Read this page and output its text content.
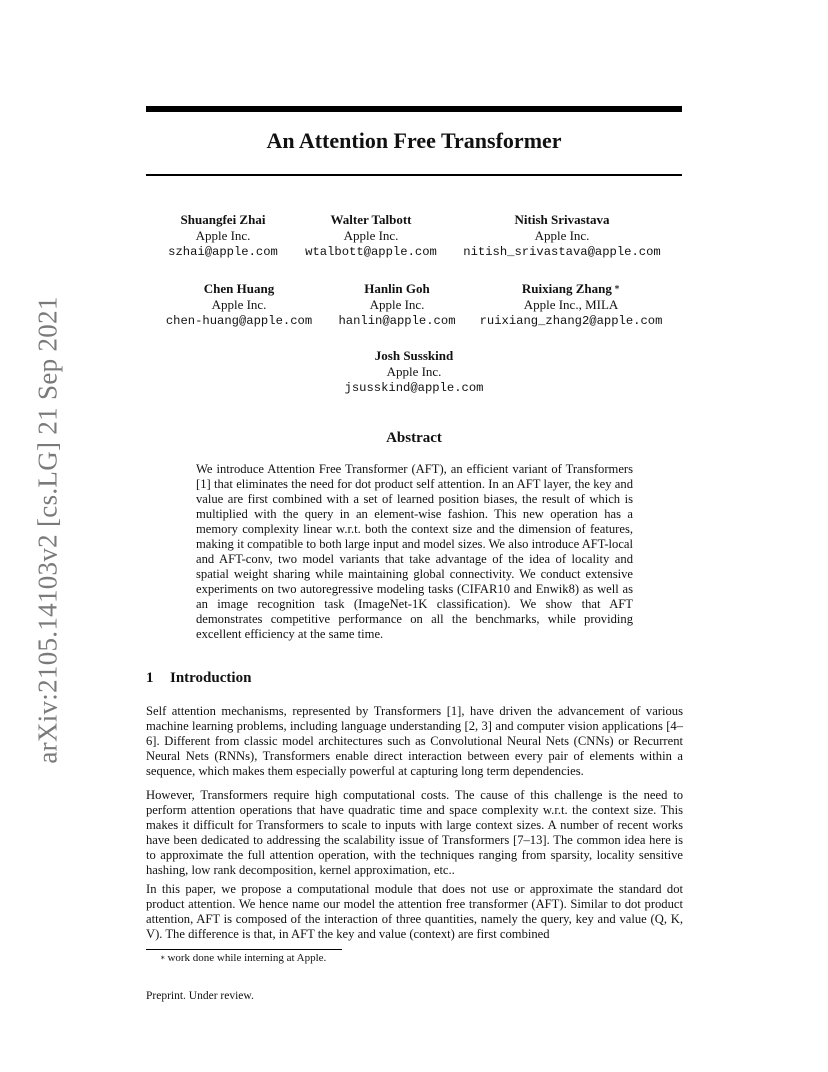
arXiv:2105.14103v2 [cs.LG] 21 Sep 2021
An Attention Free Transformer
Shuangfei Zhai
Apple Inc.
szhai@apple.com
Walter Talbott
Apple Inc.
wtalbott@apple.com
Nitish Srivastava
Apple Inc.
nitish_srivastava@apple.com
Chen Huang
Apple Inc.
chen-huang@apple.com
Hanlin Goh
Apple Inc.
hanlin@apple.com
Ruixiang Zhang ∗
Apple Inc., MILA
ruixiang_zhang2@apple.com
Josh Susskind
Apple Inc.
jsusskind@apple.com
Abstract

We introduce Attention Free Transformer (AFT), an efficient variant of Transformers [1] that eliminates the need for dot product self attention. In an AFT layer, the key and value are first combined with a set of learned position biases, the result of which is multiplied with the query in an element-wise fashion. This new operation has a memory complexity linear w.r.t. both the context size and the dimension of features, making it compatible to both large input and model sizes. We also introduce AFT-local and AFT-conv, two model variants that take advantage of the idea of locality and spatial weight sharing while maintaining global connectivity. We conduct extensive experiments on two autoregressive modeling tasks (CIFAR10 and Enwik8) as well as an image recognition task (ImageNet-1K classification). We show that AFT demonstrates competitive performance on all the benchmarks, while providing excellent efficiency at the same time.

1 Introduction

Self attention mechanisms, represented by Transformers [1], have driven the advancement of various machine learning problems, including language understanding [2, 3] and computer vision applications [4–6]. Different from classic model architectures such as Convolutional Neural Nets (CNNs) or Recurrent Neural Nets (RNNs), Transformers enable direct interaction between every pair of elements within a sequence, which makes them especially powerful at capturing long term dependencies.

However, Transformers require high computational costs. The cause of this challenge is the need to perform attention operations that have quadratic time and space complexity w.r.t. the context size. This makes it difficult for Transformers to scale to inputs with large context sizes. A number of recent works have been dedicated to addressing the scalability issue of Transformers [7–13]. The common idea here is to approximate the full attention operation, with the techniques ranging from sparsity, locality sensitive hashing, low rank decomposition, kernel approximation, etc..

In this paper, we propose a computational module that does not use or approximate the standard dot product attention. We hence name our model the attention free transformer (AFT). Similar to dot product attention, AFT is composed of the interaction of three quantities, namely the query, key and value (Q, K, V). The difference is that, in AFT the key and value (context) are first combined

∗ work done while interning at Apple.
Preprint. Under review.
